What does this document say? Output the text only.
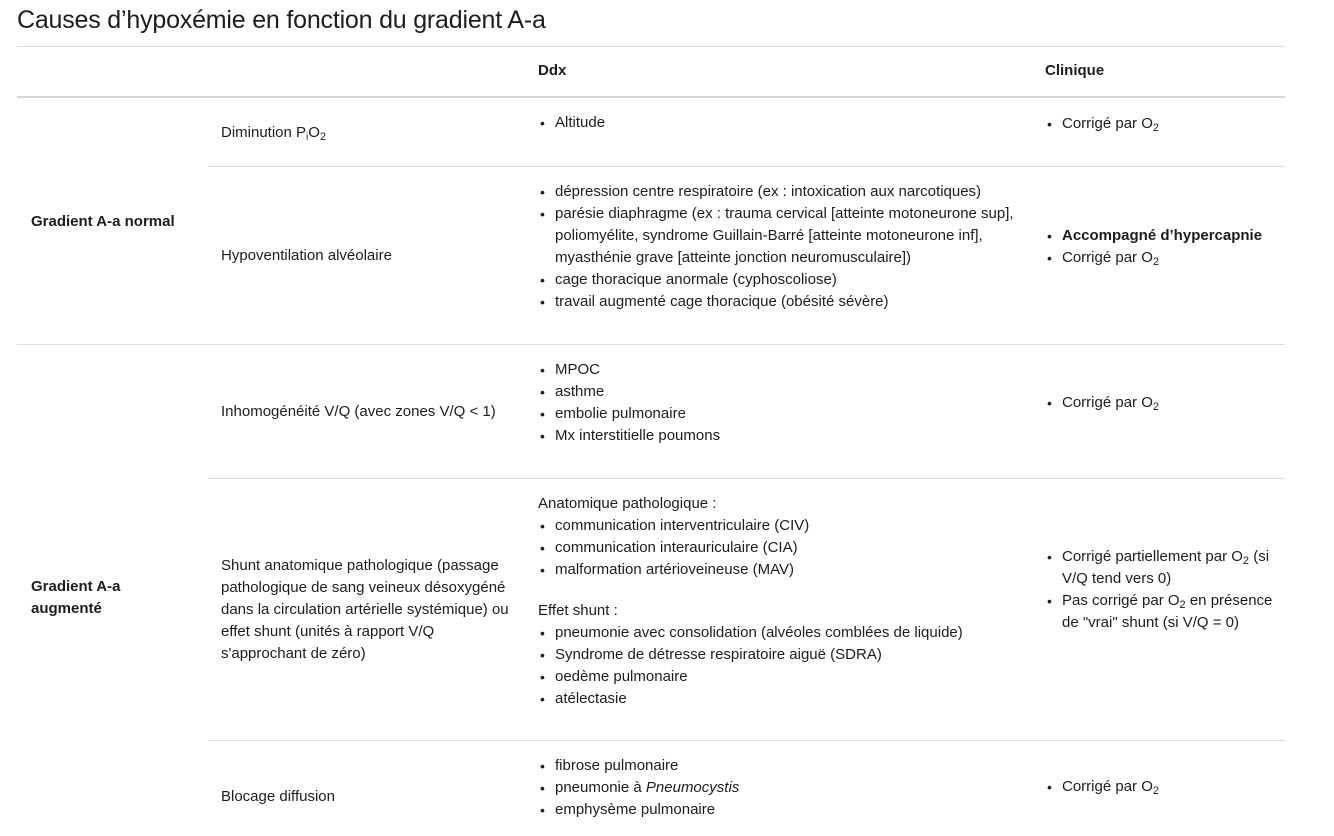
Causes d’hypoxémie en fonction du gradient A-a
Ddx	Clinique
Gradient A-a normal
Gradient A-a augmenté
Diminution $P_iO_2$
• Altitude
•	Corrigé par $O_2$
Hypoventilation alvéolaire
• dépression centre respiratoire (ex : intoxication aux narcotiques)
• parésie diaphragme (ex : trauma cervical [atteinte motoneurone sup], poliomyélite, syndrome Guillain-Barré [atteinte motoneurone inf], myasthénie grave [atteinte jonction neuromusculaire])
• cage thoracique anormale (cyphoscoliose)
• travail augmenté cage thoracique (obésité sévère)
• Accompagné d’hypercapnie
• Corrigé par $O_2$
Inhomogénéité V/Q (avec zones V/Q < 1)
• MPOC
• asthme
• embolie pulmonaire
• Mx interstitielle poumons
• Corrigé par $O_2$
Shunt anatomique pathologique (passage pathologique de sang veineux désoxygéné dans la circulation artérielle systémique) ou effet shunt (unités à rapport V/Q s'approchant de zéro)

Anatomique pathologique :

• communication interventriculaire (CIV)
• communication interauriculaire (CIA)
• malformation artérioveineuse (MAV)

Effet shunt :

• pneumonie avec consolidation (alvéoles comblées de liquide)
• Syndrome de détresse respiratoire aiguë (SDRA)
• oedème pulmonaire
• atélectasie
• Corrigé partiellement par $O_2$ (si V/Q tend vers 0)
• Pas corrigé par $O_2$ en présence de "vrai" shunt (si V/Q = 0)
Blocage diffusion
• fibrose pulmonaire
• pneumonie à Pneumocystis
• emphysème pulmonaire
• Corrigé par $O_2$
